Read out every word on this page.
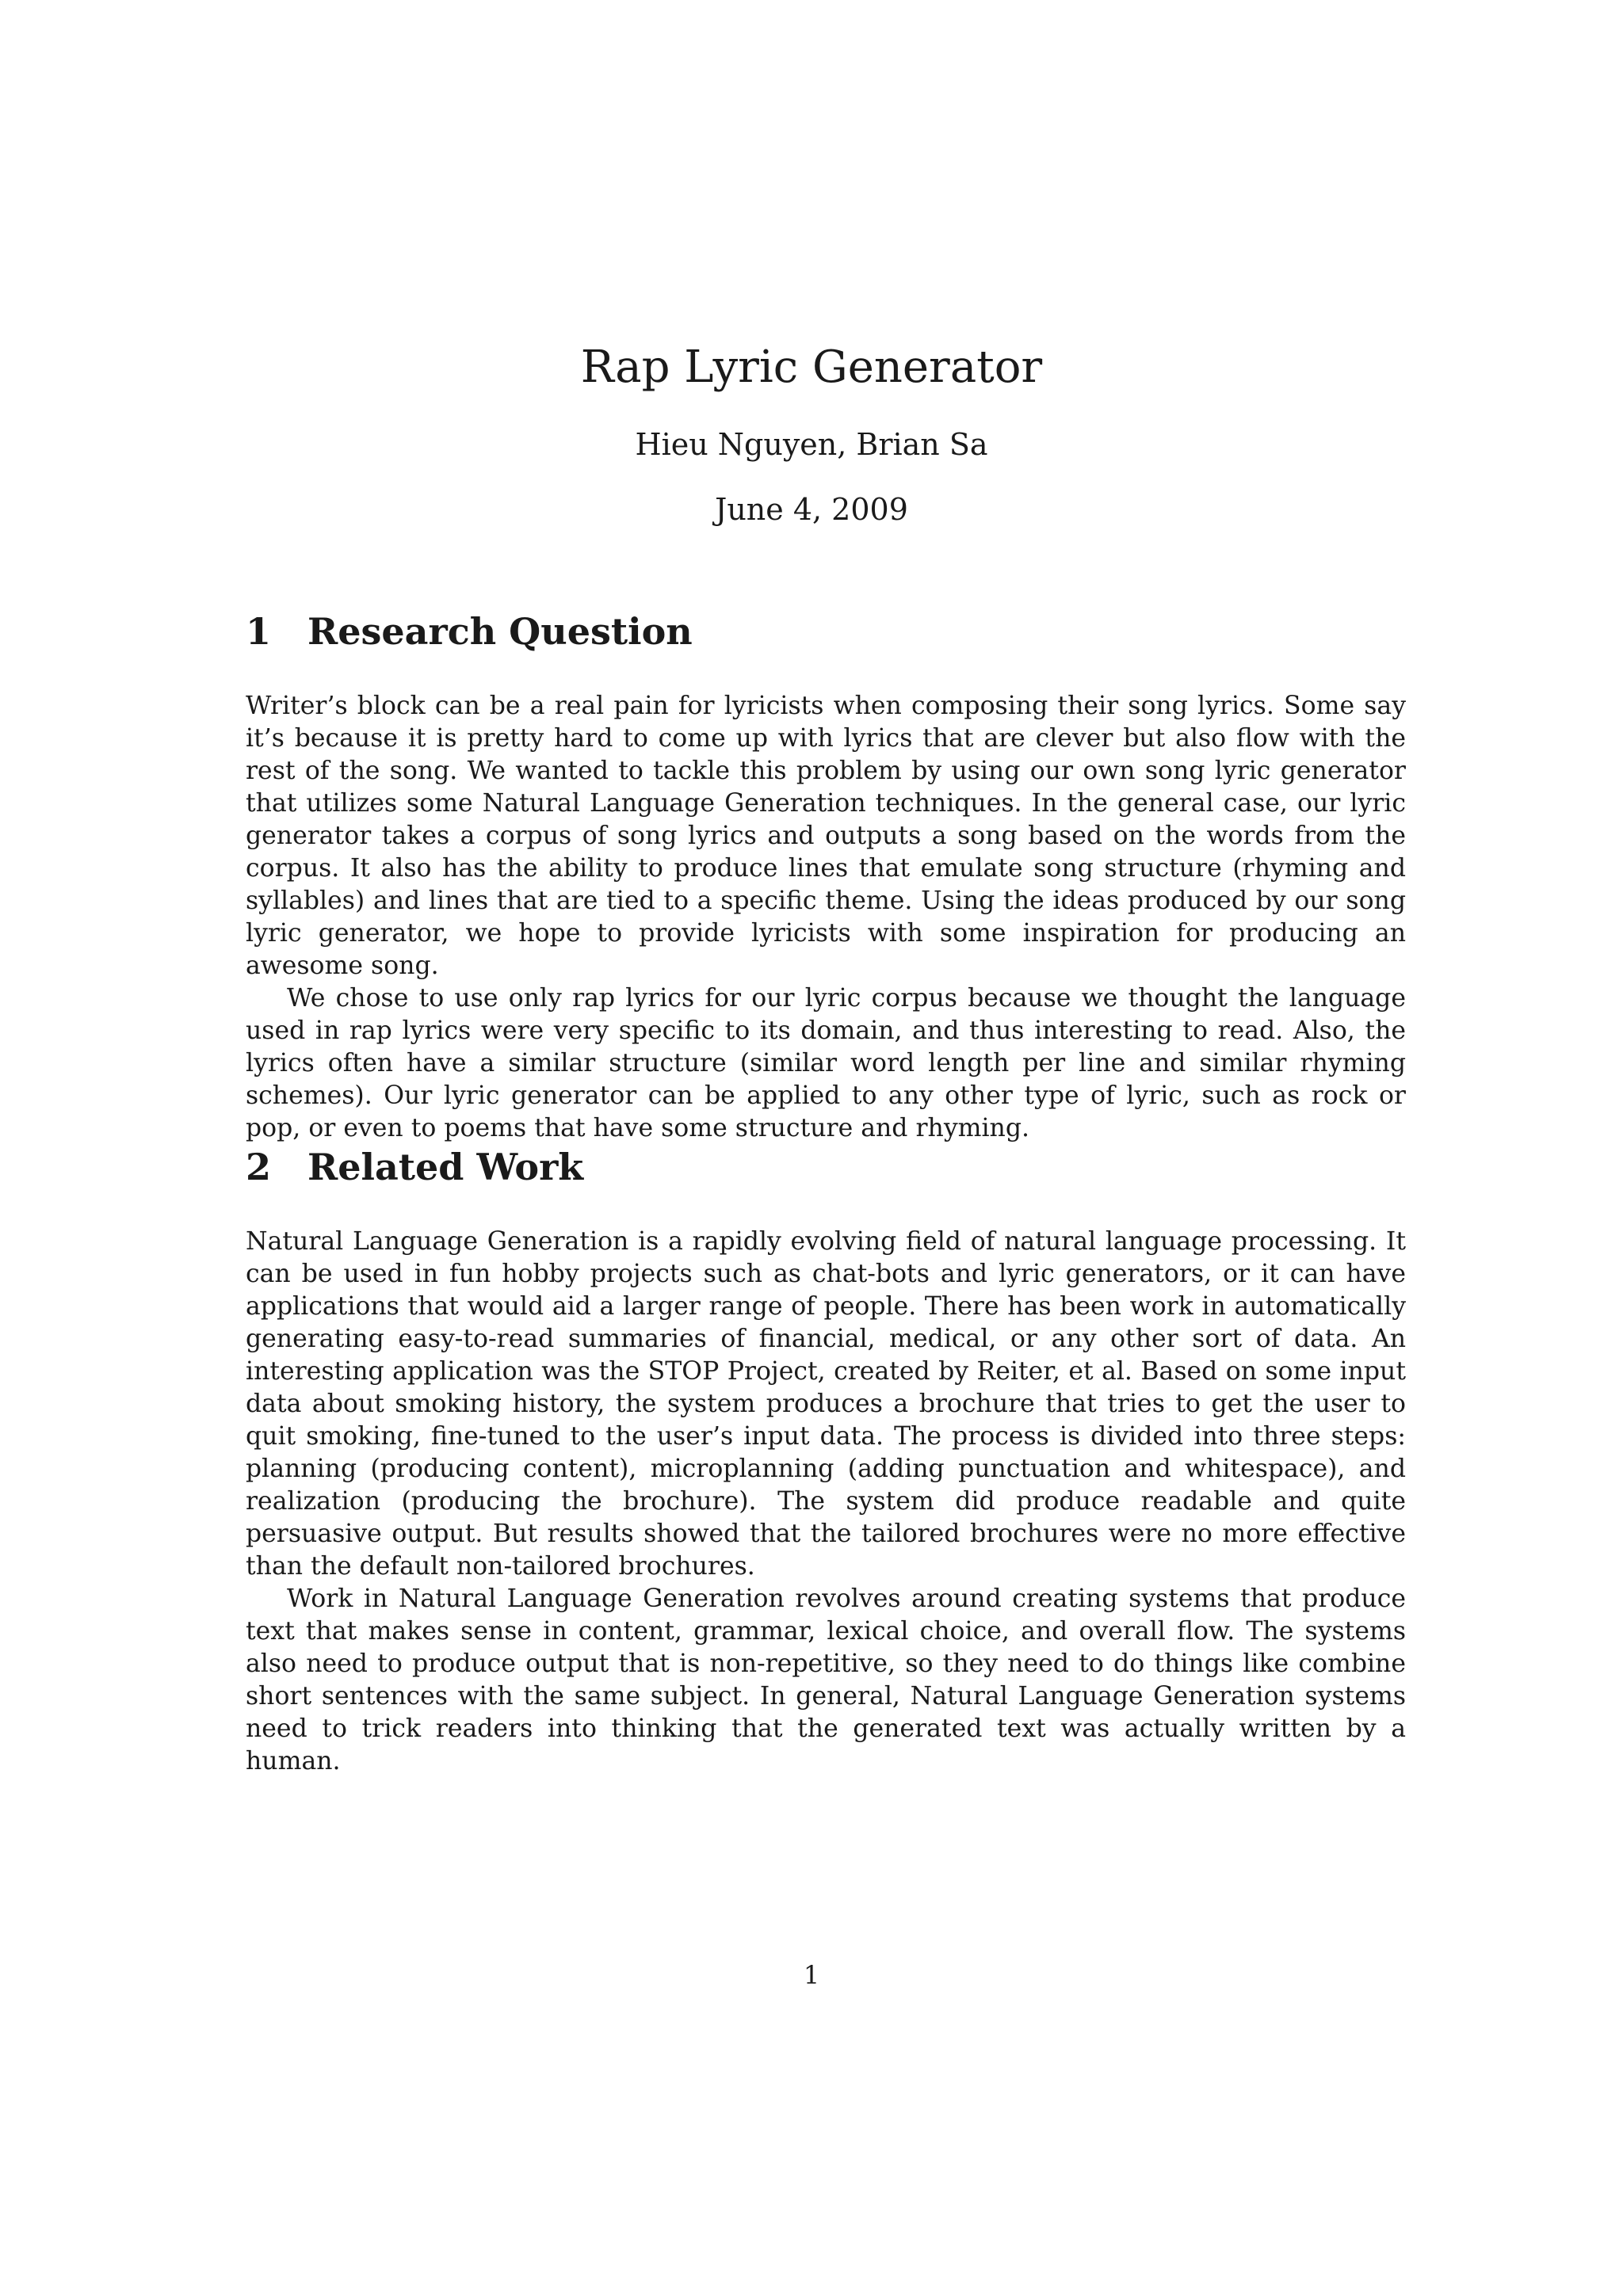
Rap Lyric Generator
Hieu Nguyen, Brian Sa
June 4, 2009
1 Research Question

Writer’s block can be a real pain for lyricists when composing their song lyrics. Some say it’s because it is pretty hard to come up with lyrics that are clever but also flow with the rest of the song. We wanted to tackle this problem by using our own song lyric generator that utilizes some Natural Language Generation techniques. In the general case, our lyric generator takes a corpus of song lyrics and outputs a song based on the words from the corpus. It also has the ability to produce lines that emulate song structure (rhyming and syllables) and lines that are tied to a specific theme. Using the ideas produced by our song lyric generator, we hope to provide lyricists with some inspiration for producing an awesome song.

We chose to use only rap lyrics for our lyric corpus because we thought the language used in rap lyrics were very specific to its domain, and thus interesting to read. Also, the lyrics often have a similar structure (similar word length per line and similar rhyming schemes). Our lyric generator can be applied to any other type of lyric, such as rock or pop, or even to poems that have some structure and rhyming.

2 Related Work

Natural Language Generation is a rapidly evolving field of natural language processing. It can be used in fun hobby projects such as chat-bots and lyric generators, or it can have applications that would aid a larger range of people. There has been work in automatically generating easy-to-read summaries of financial, medical, or any other sort of data. An interesting application was the STOP Project, created by Reiter, et al. Based on some input data about smoking history, the system produces a brochure that tries to get the user to quit smoking, fine-tuned to the user’s input data. The process is divided into three steps: planning (producing content), microplanning (adding punctuation and whitespace), and realization (producing the brochure). The system did produce readable and quite persuasive output. But results showed that the tailored brochures were no more effective than the default non-tailored brochures.

Work in Natural Language Generation revolves around creating systems that produce text that makes sense in content, grammar, lexical choice, and overall flow. The systems also need to produce output that is non-repetitive, so they need to do things like combine short sentences with the same subject. In general, Natural Language Generation systems need to trick readers into thinking that the generated text was actually written by a human.

1
